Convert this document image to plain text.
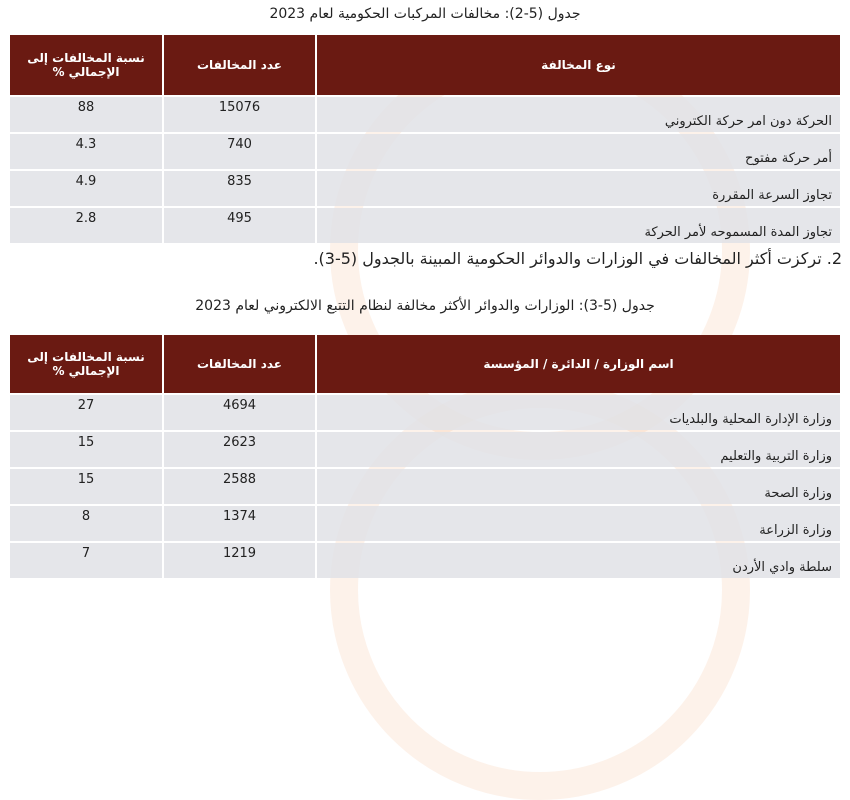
جدول (5-2): مخالفات المركبات الحكومية لعام 2023
نسبة المخالفات إلى الإجمالي %	عدد المخالفات	نوع المخالفة
88	15076	الحركة دون امر حركة الكتروني
4.3	740	أمر حركة مفتوح
4.9	835	تجاوز السرعة المقررة
2.8	495	تجاوز المدة المسموحه لأمر الحركة
2. تركزت أكثر المخالفات في الوزارات والدوائر الحكومية المبينة بالجدول (5-3).
جدول (5-3): الوزارات والدوائر الأكثر مخالفة لنظام التتبع الالكتروني لعام 2023
نسبة المخالفات إلى الإجمالي %	عدد المخالفات	اسم الوزارة / الدائرة / المؤسسة
27	4694	وزارة الإدارة المحلية والبلديات
15	2623	وزارة التربية والتعليم
15	2588	وزارة الصحة
8	1374	وزارة الزراعة
7	1219	سلطة وادي الأردن
